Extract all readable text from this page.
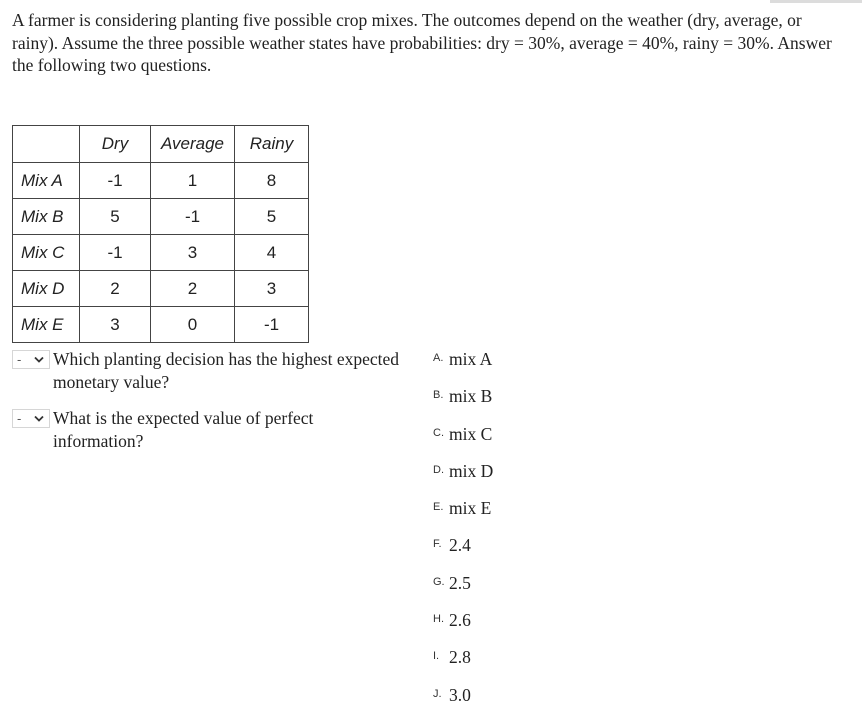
A farmer is considering planting five possible crop mixes. The outcomes depend on the weather (dry, average, or rainy). Assume the three possible weather states have probabilities: dry = 30%, average = 40%, rainy = 30%. Answer the following two questions.

	Dry	Average	Rainy
Mix A	-1	1	8
Mix B	5	-1	5
Mix C	-1	3	4
Mix D	2	2	3
Mix E	3	0	-1
- Which planting decision has the highest expected monetary value?
- What is the expected value of perfect information?
A. mix A
B. mix B
C. mix C
D. mix D
E. mix E
F. 2.4
G. 2.5
H. 2.6
I. 2.8
J. 3.0
